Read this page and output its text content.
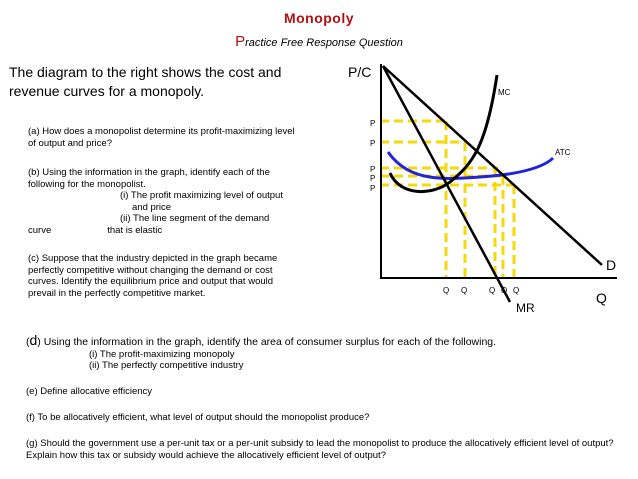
Monopoly
Practice Free Response Question
The diagram to the right shows the cost and revenue curves for a monopoly.
(a) How does a monopolist determine its profit-maximizing level of output and price?
(b) Using the information in the graph, identify each of the following for the monopolist.
(i) The profit maximizing level of output
and price
(ii) The line segment of the demand
curve	that is elastic
(c) Suppose that the industry depicted in the graph became perfectly competitive without changing the demand or cost curves. Identify the equilibrium price and output that would prevail in the perfectly competitive market.
(d) Using the information in the graph, identify the area of consumer surplus for each of the following.
(i) The profit-maximizing monopoly
(ii) The perfectly competitive industry
(e) Define allocative efficiency
(f) To be allocatively efficient, what level of output should the monopolist produce?
(g) Should the government use a per-unit tax or a per-unit subsidy to lead the monopolist to produce the allocatively efficient level of output? Explain how this tax or subsidy would achieve the allocatively efficient level of output?
P/C
Q
MC
ATC
D
MR
P
P
P
P
P
Q Q	Q Q Q
